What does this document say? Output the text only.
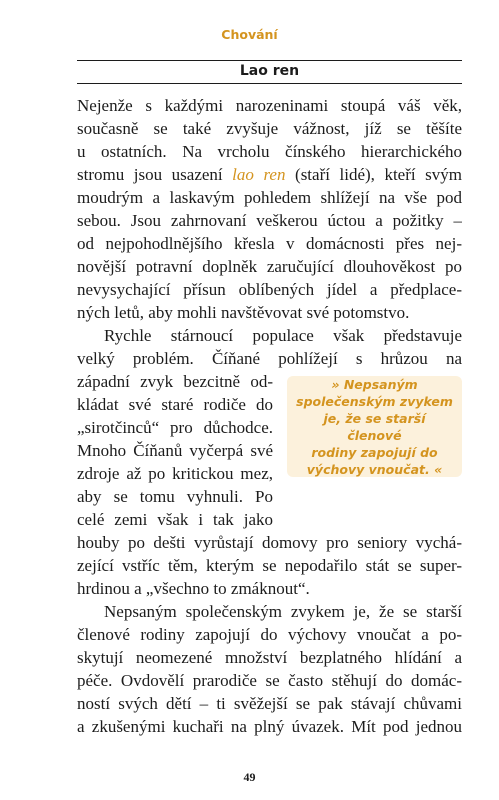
Chování
Lao ren
Nejenže s každými narozeninami stoupá váš věk,
současně se také zvyšuje vážnost, jíž se těšíte
u ostatních. Na vrcholu čínského hierarchického
stromu jsou usazení lao ren (staří lidé), kteří svým
moudrým a laskavým pohledem shlížejí na vše pod
sebou. Jsou zahrnovaní veškerou úctou a požitky –
od nejpohodlnějšího křesla v domácnosti přes nej-
novější potravní doplněk zaručující dlouhověkost po
nevysychající přísun oblíbených jídel a předplace-
ných letů, aby mohli navštěvovat své potomstvo.
Rychle stárnoucí populace však představuje
velký problém. Číňané pohlížejí s hrůzou na
západní zvyk bezcitně od-
kládat své staré rodiče do
„sirotčinců“ pro důchodce.
Mnoho Číňanů vyčerpá své
zdroje až po kritickou mez,
aby se tomu vyhnuli. Po
celé zemi však i tak jako
» Nepsaným
společenským zvykem
je, že se starší členové
rodiny zapojují do
výchovy vnoučat. «
houby po dešti vyrůstají domovy pro seniory vychá-
zející vstříc těm, kterým se nepodařilo stát se super-
hrdinou a „všechno to zmáknout“.
Nepsaným společenským zvykem je, že se starší
členové rodiny zapojují do výchovy vnoučat a po-
skytují neomezené množství bezplatného hlídání a
péče. Ovdovělí prarodiče se často stěhují do domác-
ností svých dětí – ti svěžejší se pak stávají chůvami
a zkušenými kuchaři na plný úvazek. Mít pod jednou
49
